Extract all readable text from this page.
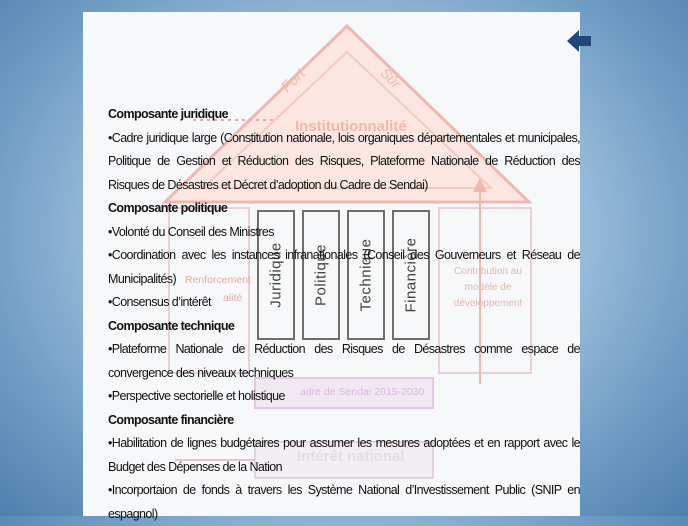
Fort	Sûr
Institutionnalité
Juridique Politique Technique Financière
Renforcement
alité
Contribution au
modèle de
développement
adre de Sendai 2015-2030
Intérêt national

Composante juridique

•Cadre juridique large (Constitution nationale, lois organiques départementales et municipales, Politique de Gestion et Réduction des Risques, Plateforme Nationale de Réduction des Risques de Désastres et Décret d’adoption du Cadre de Sendai)

Composante politique

•Volonté du Conseil des Ministres

•Coordination avec les instances infranationales (Conseil des Gouverneurs et Réseau de Municipalités)

•Consensus d’intérêt

Composante technique

•Plateforme Nationale de Réduction des Risques de Désastres comme espace de convergence des niveaux techniques

•Perspective sectorielle et holistique

Composante financière

•Habilitation de lignes budgétaires pour assumer les mesures adoptées et en rapport avec le Budget des Dépenses de la Nation

•Incorportaion de fonds à travers les Système National d’Investissement Public (SNIP en espagnol)
